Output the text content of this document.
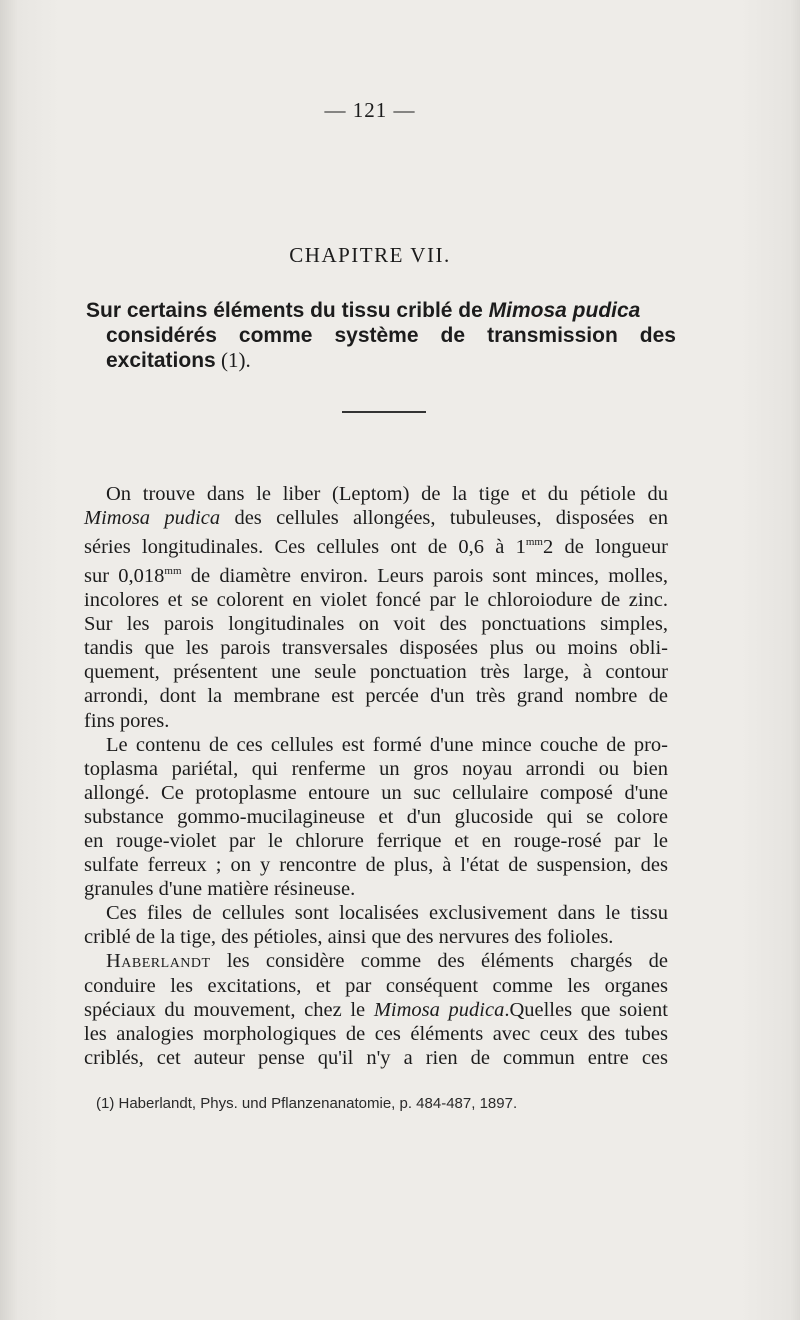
— 121 —
CHAPITRE VII.
Sur certains éléments du tissu criblé de Mimosa pudica
considérés comme système de transmission des
excitations (1).
On trouve dans le liber (Leptom) de la tige et du pétiole du
Mimosa pudica des cellules allongées, tubuleuses, disposées en
séries longitudinales. Ces cellules ont de 0,6 à $1^{mm}2$ de longueur
sur $0,018^{mm}$ de diamètre environ. Leurs parois sont minces, molles,
incolores et se colorent en violet foncé par le chloroiodure de zinc.
Sur les parois longitudinales on voit des ponctuations simples,
tandis que les parois transversales disposées plus ou moins obli-
quement, présentent une seule ponctuation très large, à contour
arrondi, dont la membrane est percée d'un très grand nombre de
fins pores.
Le contenu de ces cellules est formé d'une mince couche de pro-
toplasma pariétal, qui renferme un gros noyau arrondi ou bien
allongé. Ce protoplasme entoure un suc cellulaire composé d'une
substance gommo-mucilagineuse et d'un glucoside qui se colore
en rouge-violet par le chlorure ferrique et en rouge-rosé par le
sulfate ferreux ; on y rencontre de plus, à l'état de suspension, des
granules d'une matière résineuse.
Ces files de cellules sont localisées exclusivement dans le tissu
criblé de la tige, des pétioles, ainsi que des nervures des folioles.
Haberlandt les considère comme des éléments chargés de
conduire les excitations, et par conséquent comme les organes
spéciaux du mouvement, chez le Mimosa pudica.Quelles que soient
les analogies morphologiques de ces éléments avec ceux des tubes
criblés, cet auteur pense qu'il n'y a rien de commun entre ces
(1) Haberlandt, Phys. und Pflanzenanatomie, p. 484-487, 1897.
